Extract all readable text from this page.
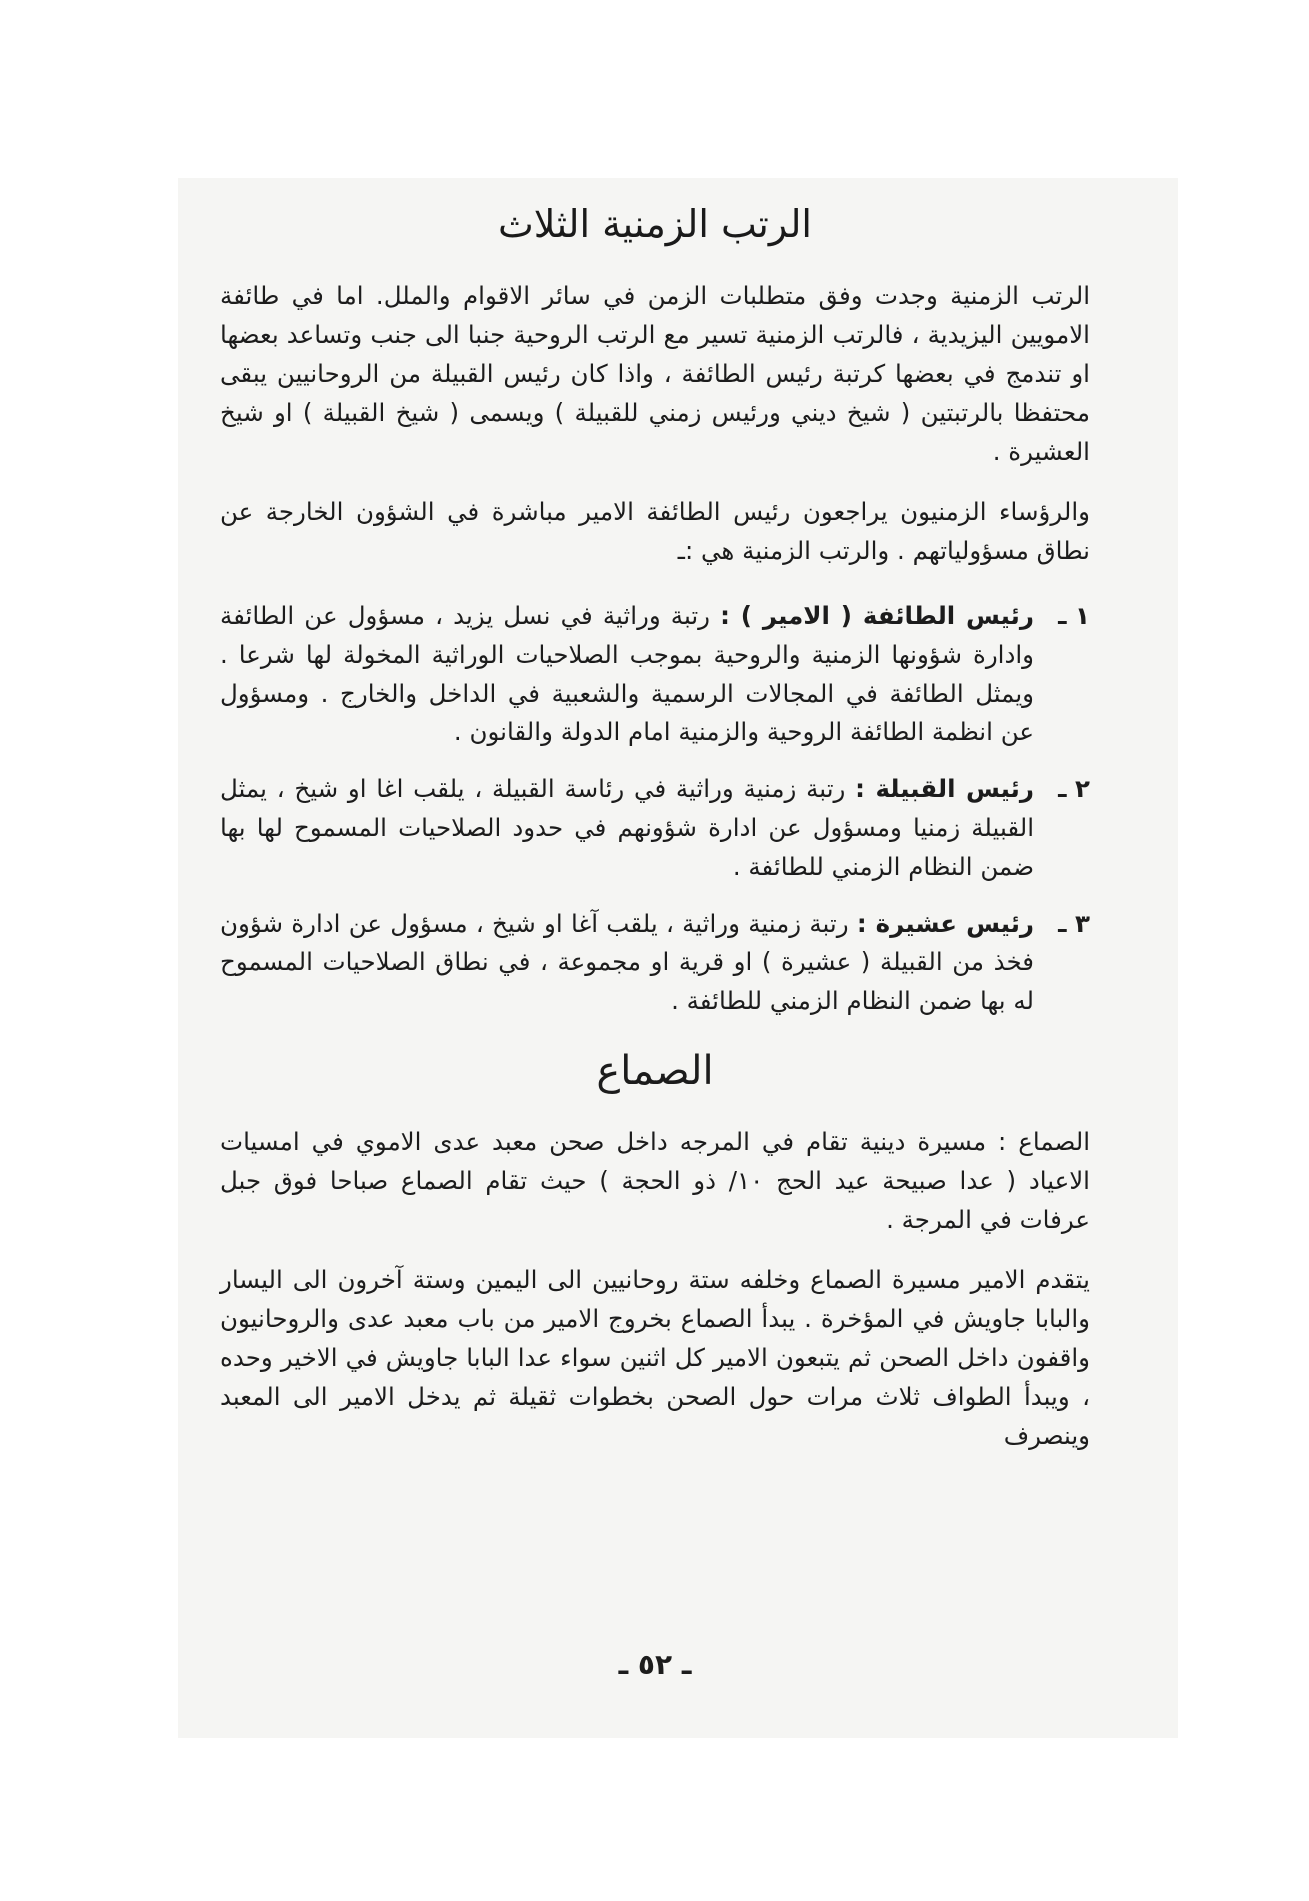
الرتب الزمنية الثلاث

الرتب الزمنية وجدت وفق متطلبات الزمن في سائر الاقوام والملل. اما في طائفة الامويين اليزيدية ، فالرتب الزمنية تسير مع الرتب الروحية جنبا الى جنب وتساعد بعضها او تندمج في بعضها كرتبة رئيس الطائفة ، واذا كان رئيس القبيلة من الروحانيين يبقى محتفظا بالرتبتين ( شيخ ديني ورئيس زمني للقبيلة ) ويسمى ( شيخ القبيلة ) او شيخ العشيرة .

والرؤساء الزمنيون يراجعون رئيس الطائفة الامير مباشرة في الشؤون الخارجة عن نطاق مسؤولياتهم . والرتب الزمنية هي :ـ

١ ـ
رئيس الطائفة ( الامير ) : رتبة وراثية في نسل يزيد ، مسؤول عن الطائفة وادارة شؤونها الزمنية والروحية بموجب الصلاحيات الوراثية المخولة لها شرعا . ويمثل الطائفة في المجالات الرسمية والشعبية في الداخل والخارج . ومسؤول عن انظمة الطائفة الروحية والزمنية امام الدولة والقانون .
٢ ـ
رئيس القبيلة : رتبة زمنية وراثية في رئاسة القبيلة ، يلقب اغا او شيخ ، يمثل القبيلة زمنيا ومسؤول عن ادارة شؤونهم في حدود الصلاحيات المسموح لها بها ضمن النظام الزمني للطائفة .
٣ ـ
رئيس عشيرة : رتبة زمنية وراثية ، يلقب آغا او شيخ ، مسؤول عن ادارة شؤون فخذ من القبيلة ( عشيرة ) او قرية او مجموعة ، في نطاق الصلاحيات المسموح له بها ضمن النظام الزمني للطائفة .
الصماع

الصماع : مسيرة دينية تقام في المرجه داخل صحن معبد عدى الاموي في امسيات الاعياد ( عدا صبيحة عيد الحج ١٠/ ذو الحجة ) حيث تقام الصماع صباحا فوق جبل عرفات في المرجة .

يتقدم الامير مسيرة الصماع وخلفه ستة روحانيين الى اليمين وستة آخرون الى اليسار والبابا جاويش في المؤخرة . يبدأ الصماع بخروج الامير من باب معبد عدى والروحانيون واقفون داخل الصحن ثم يتبعون الامير كل اثنين سواء عدا البابا جاويش في الاخير وحده ، ويبدأ الطواف ثلاث مرات حول الصحن بخطوات ثقيلة ثم يدخل الامير الى المعبد وينصرف

ـ ٥٢ ـ
